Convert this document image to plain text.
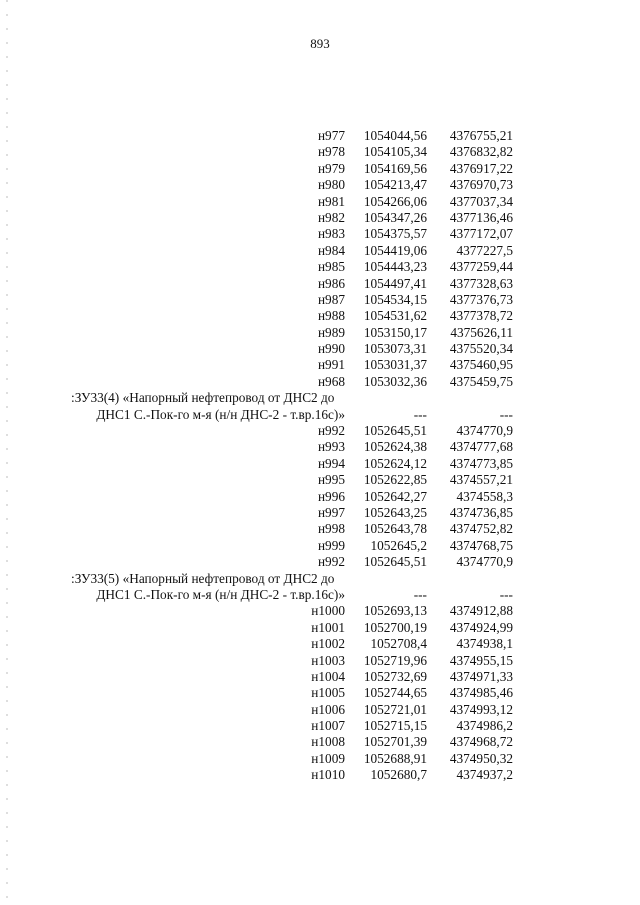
893
н977 1054044,56 4376755,21
н978 1054105,34 4376832,82
н979 1054169,56 4376917,22
н980 1054213,47 4376970,73
н981 1054266,06 4377037,34
н982 1054347,26 4377136,46
н983 1054375,57 4377172,07
н984 1054419,06 4377227,5
н985 1054443,23 4377259,44
н986 1054497,41 4377328,63
н987 1054534,15 4377376,73
н988 1054531,62 4377378,72
н989 1053150,17 4375626,11
н990 1053073,31 4375520,34
н991 1053031,37 4375460,95
н968 1053032,36 4375459,75
:ЗУ33(4) «Напорный нефтепровод от ДНС2 до
ДНС1 С.-Пок-го м-я (н/н ДНС-2 - т.вр.16с)»	---	---
н992 1052645,51 4374770,9
н993 1052624,38 4374777,68
н994 1052624,12 4374773,85
н995 1052622,85 4374557,21
н996 1052642,27 4374558,3
н997 1052643,25 4374736,85
н998 1052643,78 4374752,82
н999 1052645,2 4374768,75
н992 1052645,51 4374770,9
:ЗУ33(5) «Напорный нефтепровод от ДНС2 до
ДНС1 С.-Пок-го м-я (н/н ДНС-2 - т.вр.16с)»	---	---
н1000 1052693,13 4374912,88
н1001 1052700,19 4374924,99
н1002 1052708,4 4374938,1
н1003 1052719,96 4374955,15
н1004 1052732,69 4374971,33
н1005 1052744,65 4374985,46
н1006 1052721,01 4374993,12
н1007 1052715,15 4374986,2
н1008 1052701,39 4374968,72
н1009 1052688,91 4374950,32
н1010 1052680,7 4374937,2
